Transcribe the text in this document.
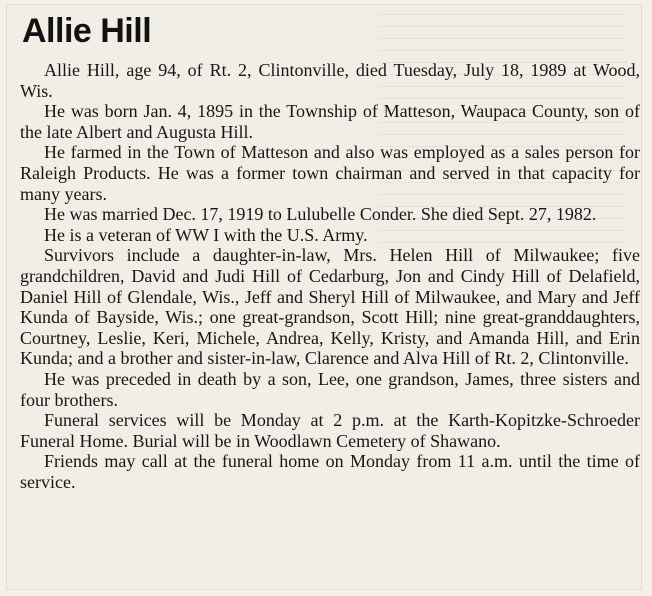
Allie Hill

Allie Hill, age 94, of Rt. 2, Clintonville, died Tuesday, July 18, 1989 at Wood, Wis.

He was born Jan. 4, 1895 in the Township of Matteson, Waupaca County, son of the late Albert and Augusta Hill.

He farmed in the Town of Matteson and also was employed as a sales person for Raleigh Products. He was a former town chairman and served in that capacity for many years.

He was married Dec. 17, 1919 to Lulubelle Conder. She died Sept. 27, 1982.

He is a veteran of WW I with the U.S. Army.

Survivors include a daughter-in-law, Mrs. Helen Hill of Milwaukee; five grandchildren, David and Judi Hill of Cedarburg, Jon and Cindy Hill of Delafield, Daniel Hill of Glendale, Wis., Jeff and Sheryl Hill of Milwaukee, and Mary and Jeff Kunda of Bayside, Wis.; one great-grandson, Scott Hill; nine great-granddaughters, Courtney, Leslie, Keri, Michele, Andrea, Kelly, Kristy, and Amanda Hill, and Erin Kunda; and a brother and sister-in-law, Clarence and Alva Hill of Rt. 2, Clintonville.

He was preceded in death by a son, Lee, one grandson, James, three sisters and four brothers.

Funeral services will be Monday at 2 p.m. at the Karth-Kopitzke-Schroeder Funeral Home. Burial will be in Woodlawn Cemetery of Shawano.

Friends may call at the funeral home on Monday from 11 a.m. until the time of service.
